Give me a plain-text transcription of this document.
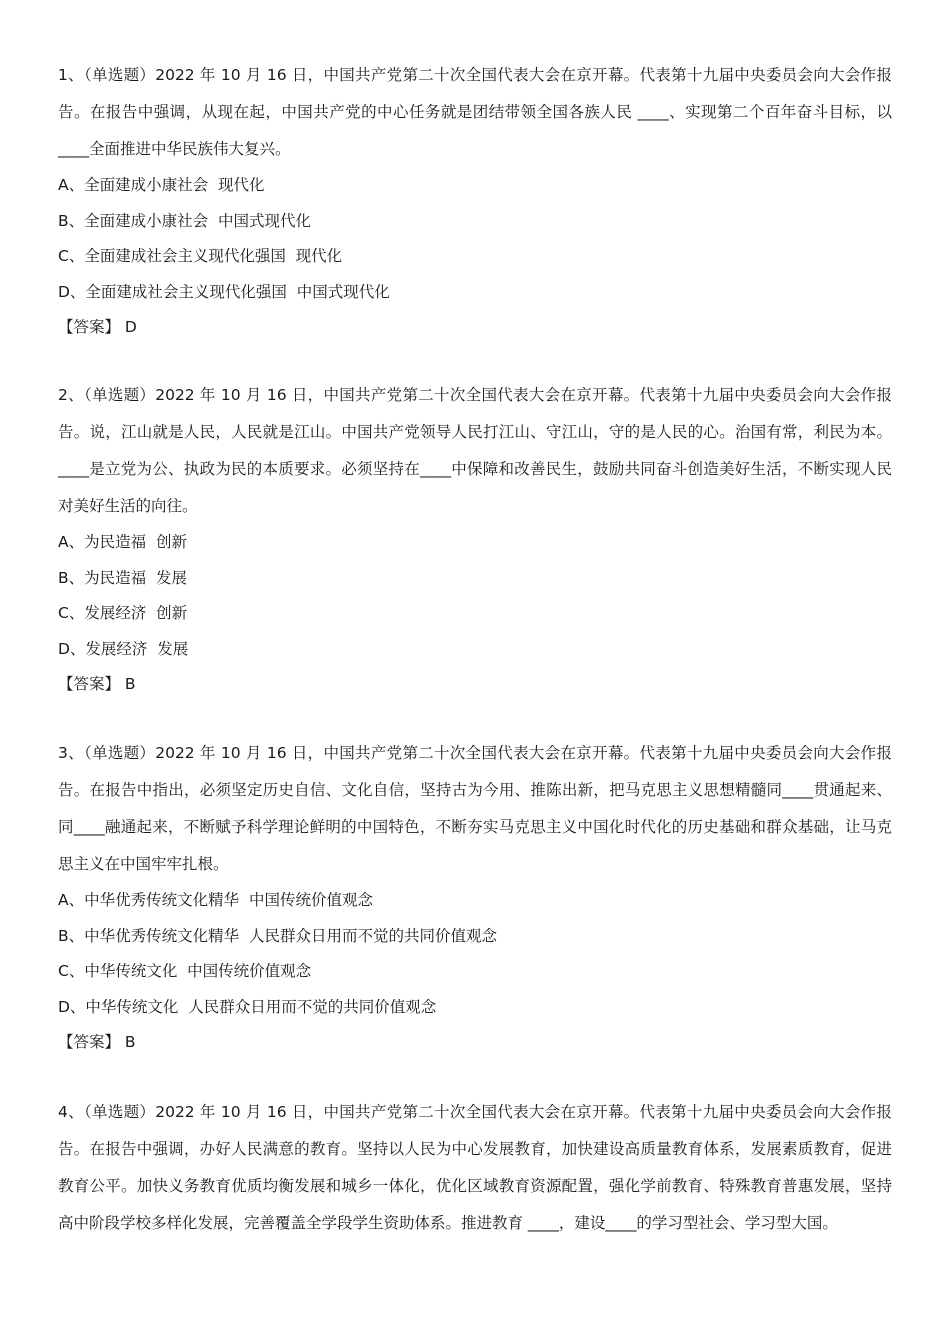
1、（单选题）2022 年 10 月 16 日，中国共产党第二十次全国代表大会在京开幕。代表第十九届中央委员会向大会作报告。在报告中强调，从现在起，中国共产党的中心任务就是团结带领全国各族人民 ____、实现第二个百年奋斗目标，以____全面推进中华民族伟大复兴。

A、全面建成小康社会  现代化

B、全面建成小康社会  中国式现代化

C、全面建成社会主义现代化强国  现代化

D、全面建成社会主义现代化强国  中国式现代化

【答案】 D

2、（单选题）2022 年 10 月 16 日，中国共产党第二十次全国代表大会在京开幕。代表第十九届中央委员会向大会作报告。说，江山就是人民，人民就是江山。中国共产党领导人民打江山、守江山，守的是人民的心。治国有常，利民为本。____是立党为公、执政为民的本质要求。必须坚持在____中保障和改善民生，鼓励共同奋斗创造美好生活，不断实现人民对美好生活的向往。

A、为民造福  创新

B、为民造福  发展

C、发展经济  创新

D、发展经济  发展

【答案】 B

3、（单选题）2022 年 10 月 16 日，中国共产党第二十次全国代表大会在京开幕。代表第十九届中央委员会向大会作报告。在报告中指出，必须坚定历史自信、文化自信，坚持古为今用、推陈出新，把马克思主义思想精髓同____贯通起来、同____融通起来，不断赋予科学理论鲜明的中国特色，不断夯实马克思主义中国化时代化的历史基础和群众基础，让马克思主义在中国牢牢扎根。

A、中华优秀传统文化精华  中国传统价值观念

B、中华优秀传统文化精华  人民群众日用而不觉的共同价值观念

C、中华传统文化  中国传统价值观念

D、中华传统文化  人民群众日用而不觉的共同价值观念

【答案】 B

4、（单选题）2022 年 10 月 16 日，中国共产党第二十次全国代表大会在京开幕。代表第十九届中央委员会向大会作报告。在报告中强调，办好人民满意的教育。坚持以人民为中心发展教育，加快建设高质量教育体系，发展素质教育，促进教育公平。加快义务教育优质均衡发展和城乡一体化，优化区域教育资源配置，强化学前教育、特殊教育普惠发展，坚持高中阶段学校多样化发展，完善覆盖全学段学生资助体系。推进教育 ____，建设____的学习型社会、学习型大国。
